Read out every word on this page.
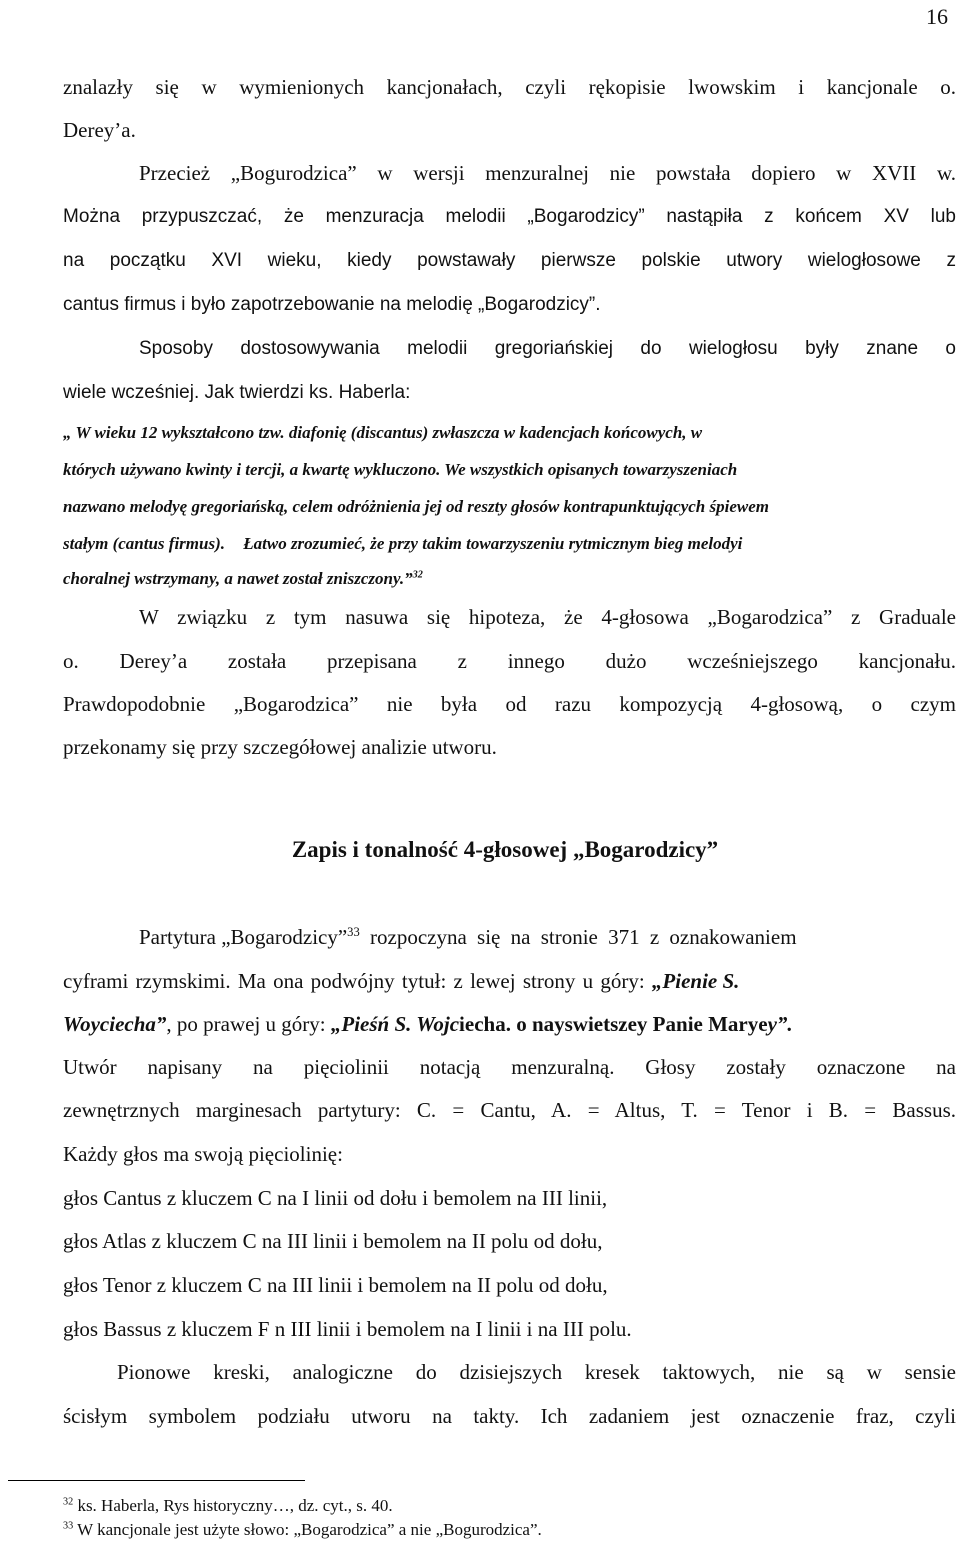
16
znalazły się w wymienionych kancjonałach, czyli rękopisie lwowskim i kancjonale o.
Derey’a.
Przecież „Bogurodzica” w wersji menzuralnej nie powstała dopiero w XVII w.
Można przypuszczać, że menzuracja melodii „Bogarodzicy” nastąpiła z końcem XV lub
na początku XVI wieku, kiedy powstawały pierwsze polskie utwory wielogłosowe z
cantus firmus i było zapotrzebowanie na melodię „Bogarodzicy”.
Sposoby dostosowywania melodii gregoriańskiej do wielogłosu były znane o
wiele wcześniej. Jak twierdzi ks. Haberla:
„ W wieku 12 wykształcono tzw. diafonię (discantus) zwłaszcza w kadencjach końcowych, w
których używano kwinty i tercji, a kwartę wykluczono. We wszystkich opisanych towarzyszeniach
nazwano melodyę gregoriańską, celem odróżnienia jej od reszty głosów kontrapunktujących śpiewem
stałym (cantus firmus). Łatwo zrozumieć, że przy takim towarzyszeniu rytmicznym bieg melodyi
choralnej wstrzymany, a nawet został zniszczony.”$^{32}$
W związku z tym nasuwa się hipoteza, że 4-głosowa „Bogarodzica” z Graduale
o. Derey’a została przepisana z innego dużo wcześniejszego kancjonału.
Prawdopodobnie „Bogarodzica” nie była od razu kompozycją 4-głosową, o czym
przekonamy się przy szczegółowej analizie utworu.
Zapis i tonalność 4-głosowej „Bogarodzicy”
Partytura „Bogarodzicy”$^{33}$ rozpoczyna się na stronie 371 z oznakowaniem
cyframi rzymskimi. Ma ona podwójny tytuł: z lewej strony u góry: „Pienie S.
Woyciecha”, po prawej u góry: „Pieśń S. Wojciecha. o nayswietszey Panie Maryey”.
Utwór napisany na pięciolinii notacją menzuralną. Głosy zostały oznaczone na
zewnętrznych marginesach partytury: C. = Cantu, A. = Altus, T. = Tenor i B. = Bassus.
Każdy głos ma swoją pięciolinię:
głos Cantus z kluczem C na I linii od dołu i bemolem na III linii,
głos Atlas z kluczem C na III linii i bemolem na II polu od dołu,
głos Tenor z kluczem C na III linii i bemolem na II polu od dołu,
głos Bassus z kluczem F n III linii i bemolem na I linii i na III polu.
Pionowe kreski, analogiczne do dzisiejszych kresek taktowych, nie są w sensie
ścisłym symbolem podziału utworu na takty. Ich zadaniem jest oznaczenie fraz, czyli
$^{32}$ ks. Haberla, Rys historyczny…, dz. cyt., s. 40.
$^{33}$ W kancjonale jest użyte słowo: „Bogarodzica” a nie „Bogurodzica”.
